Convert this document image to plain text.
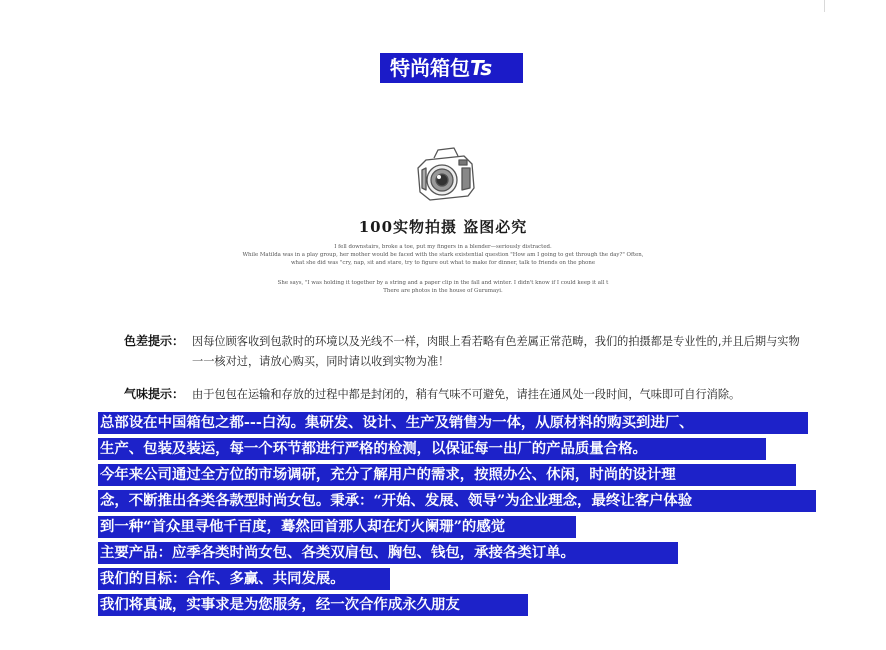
特尚箱包Ts
100实物拍摄 盗图必究
I fell downstairs, broke a toe, put my fingers in a blender—seriously distracted.
While Matilda was in a play group, her mother would be faced with the stark existential question "How am I going to get through the day?" Often,
what she did was "cry, nap, sit and stare, try to figure out what to make for dinner, talk to friends on the phone
She says, "I was holding it together by a string and a paper clip in the fall and winter. I didn't know if I could keep it all t
There are photos in the house of Gurumayi.
色差提示： 因每位顾客收到包款时的环境以及光线不一样，肉眼上看若略有色差属正常范畴，我们的拍摄都是专业性的,并且后期与实物一一核对过，请放心购买，同时请以收到实物为准！
气味提示： 由于包包在运输和存放的过程中都是封闭的，稍有气味不可避免，请挂在通风处一段时间，气味即可自行消除。
总部设在中国箱包之都---白沟。集研发、设计、生产及销售为一体，从原材料的购买到进厂、
生产、包装及装运，每一个环节都进行严格的检测，以保证每一出厂的产品质量合格。
今年来公司通过全方位的市场调研，充分了解用户的需求，按照办公、休闲，时尚的设计理
念，不断推出各类各款型时尚女包。秉承：“开始、发展、领导”为企业理念，最终让客户体验
到一种“首众里寻他千百度，蓦然回首那人却在灯火阑珊”的感觉
主要产品：应季各类时尚女包、各类双肩包、胸包、钱包，承接各类订单。
我们的目标：合作、多赢、共同发展。
我们将真诚，实事求是为您服务，经一次合作成永久朋友
